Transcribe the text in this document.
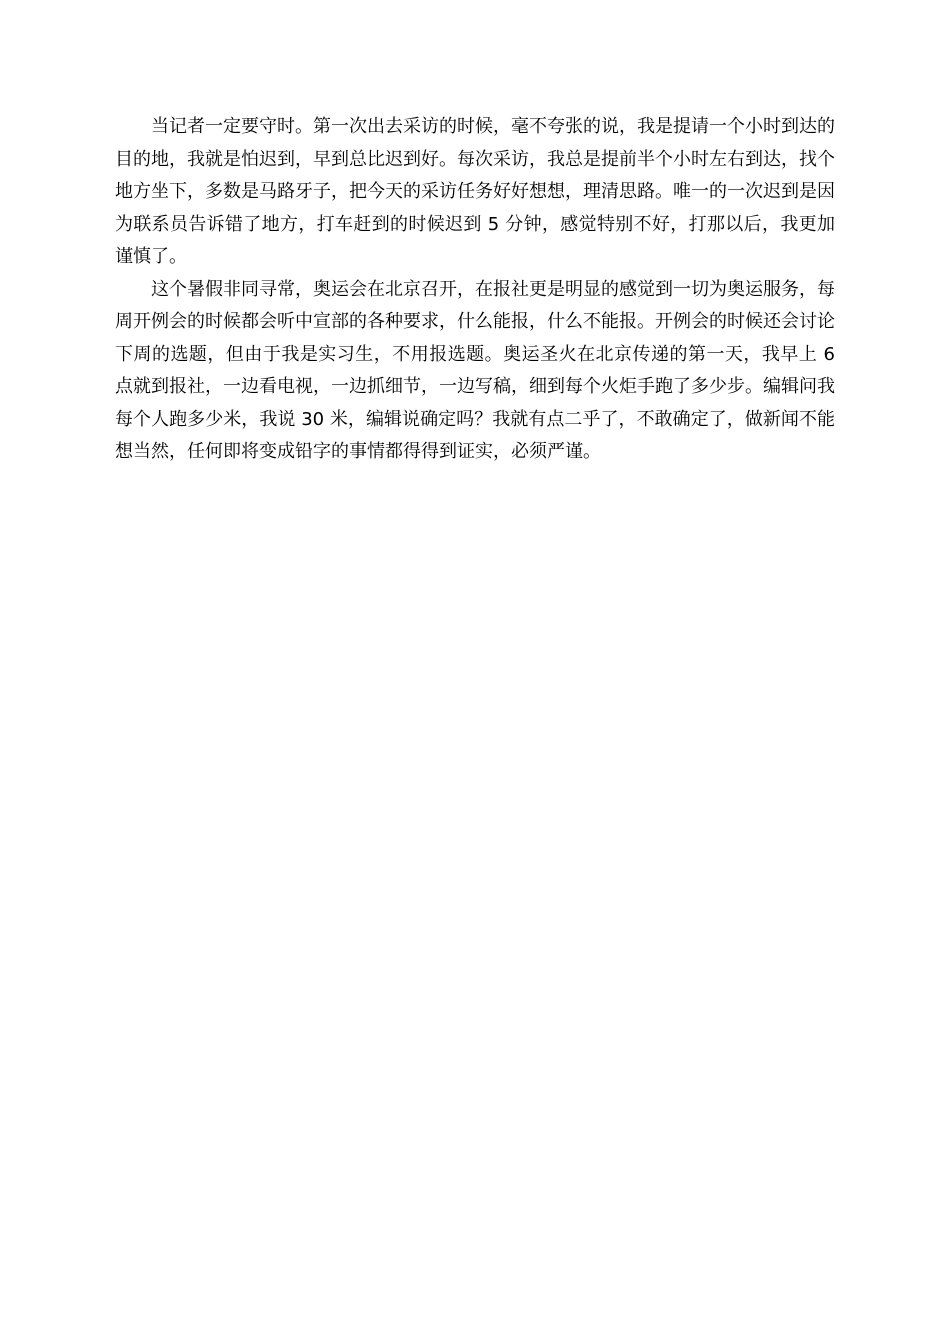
当记者一定要守时。第一次出去采访的时候，毫不夸张的说，我是提请一个小时到达的目的地，我就是怕迟到，早到总比迟到好。每次采访，我总是提前半个小时左右到达，找个地方坐下，多数是马路牙子，把今天的采访任务好好想想，理清思路。唯一的一次迟到是因为联系员告诉错了地方，打车赶到的时候迟到 5 分钟，感觉特别不好，打那以后，我更加谨慎了。

这个暑假非同寻常，奥运会在北京召开，在报社更是明显的感觉到一切为奥运服务，每周开例会的时候都会听中宣部的各种要求，什么能报，什么不能报。开例会的时候还会讨论下周的选题，但由于我是实习生，不用报选题。奥运圣火在北京传递的第一天，我早上 6 点就到报社，一边看电视，一边抓细节，一边写稿，细到每个火炬手跑了多少步。编辑问我每个人跑多少米，我说 30 米，编辑说确定吗？我就有点二乎了，不敢确定了，做新闻不能想当然，任何即将变成铅字的事情都得得到证实，必须严谨。
